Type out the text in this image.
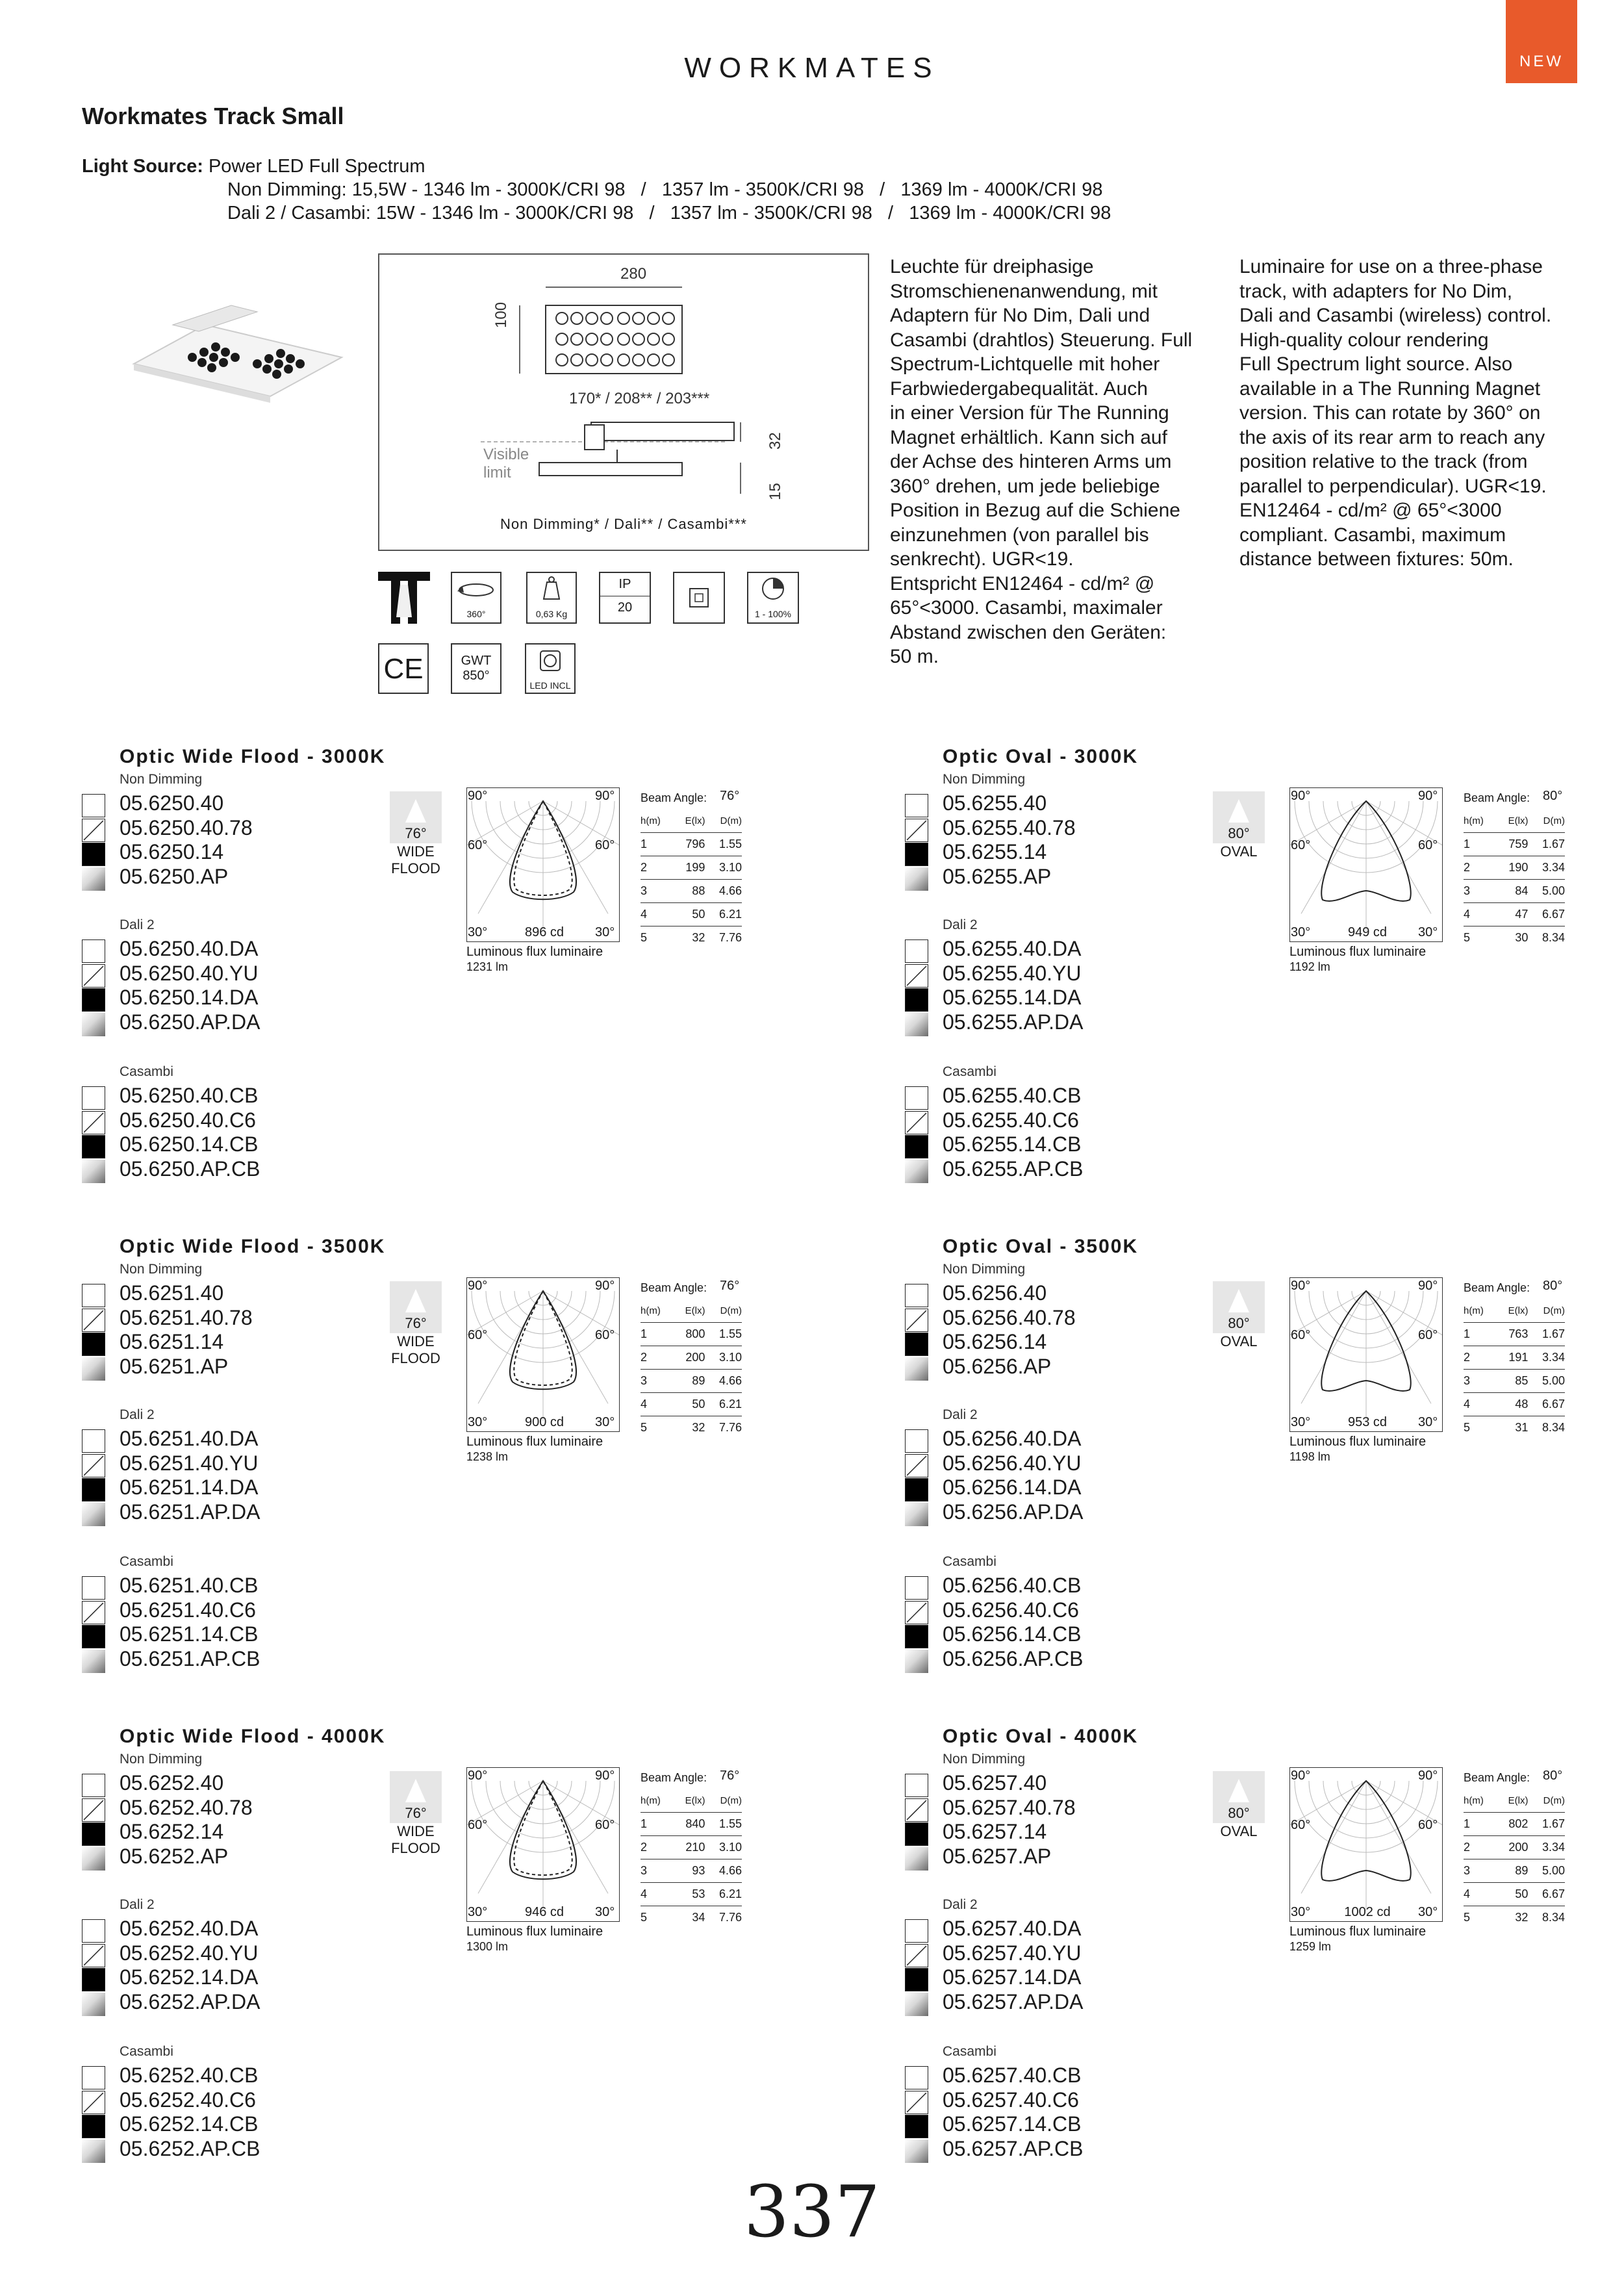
WORKMATES	NEW
Workmates Track Small
Light Source: Power LED Full Spectrum
Non Dimming: 15,5W - 1346 lm - 3000K/CRI 98   /   1357 lm - 3500K/CRI 98   /   1369 lm - 4000K/CRI 98
Dali 2 / Casambi: 15W - 1346 lm - 3000K/CRI 98   /   1357 lm - 3500K/CRI 98   /   1369 lm - 4000K/CRI 98
280
100
170* / 208** / 203***
32
15
Visible
limit
Non Dimming* / Dali** / Casambi***
360°	0,63 Kg
IP
20	1 - 100%
CE	GWT
850°
LED INCL
Leuchte für dreiphasige
Stromschienenanwendung, mit
Adaptern für No Dim, Dali und
Casambi (drahtlos) Steuerung. Full
Spectrum-Lichtquelle mit hoher
Farbwiedergabequalität. Auch
in einer Version für The Running
Magnet erhältlich. Kann sich auf
der Achse des hinteren Arms um
360° drehen, um jede beliebige
Position in Bezug auf die Schiene
einzunehmen (von parallel bis
senkrecht). UGR<19.
Entspricht EN12464 - cd/m² @
65°<3000. Casambi, maximaler
Abstand zwischen den Geräten:
50 m.
Luminaire for use on a three-phase
track, with adapters for No Dim,
Dali and Casambi (wireless) control.
High-quality colour rendering
Full Spectrum light source. Also
available in a The Running Magnet
version. This can rotate by 360° on
the axis of its rear arm to reach any
position relative to the track (from
parallel to perpendicular). UGR<19.
EN12464 - cd/m² @ 65°<3000
compliant. Casambi, maximum
distance between fixtures: 50m.
Optic Wide Flood - 3000K
Non Dimming
05.6250.40
05.6250.40.78
05.6250.14
05.6250.AP
Dali 2
05.6250.40.DA
05.6250.40.YU
05.6250.14.DA
05.6250.AP.DA
Casambi
05.6250.40.CB
05.6250.40.C6
05.6250.14.CB
05.6250.AP.CB
76°
WIDE
FLOOD
90°	90°
60°	60°
30°	30°
896 cd
Luminous flux luminaire
1231 lm
Beam Angle: 76°
h(m)	E(lx)	D(m)
1	796	1.55
2	199	3.10
3	88	4.66
4	50	6.21
5	32	7.76
Optic Oval - 3000K
Non Dimming
05.6255.40
05.6255.40.78
05.6255.14
05.6255.AP
Dali 2
05.6255.40.DA
05.6255.40.YU
05.6255.14.DA
05.6255.AP.DA
Casambi
05.6255.40.CB
05.6255.40.C6
05.6255.14.CB
05.6255.AP.CB
80°
OVAL
90°	90°
60°	60°
30°	30°
949 cd
Luminous flux luminaire
1192 lm
Beam Angle: 80°
h(m)	E(lx)	D(m)
1	759	1.67
2	190	3.34
3	84	5.00
4	47	6.67
5	30	8.34
Optic Wide Flood - 3500K
Non Dimming
05.6251.40
05.6251.40.78
05.6251.14
05.6251.AP
Dali 2
05.6251.40.DA
05.6251.40.YU
05.6251.14.DA
05.6251.AP.DA
Casambi
05.6251.40.CB
05.6251.40.C6
05.6251.14.CB
05.6251.AP.CB
76°
WIDE
FLOOD
90°	90°
60°	60°
30°	30°
900 cd
Luminous flux luminaire
1238 lm
Beam Angle: 76°
h(m)	E(lx)	D(m)
1	800	1.55
2	200	3.10
3	89	4.66
4	50	6.21
5	32	7.76
Optic Oval - 3500K
Non Dimming
05.6256.40
05.6256.40.78
05.6256.14
05.6256.AP
Dali 2
05.6256.40.DA
05.6256.40.YU
05.6256.14.DA
05.6256.AP.DA
Casambi
05.6256.40.CB
05.6256.40.C6
05.6256.14.CB
05.6256.AP.CB
80°
OVAL
90°	90°
60°	60°
30°	30°
953 cd
Luminous flux luminaire
1198 lm
Beam Angle: 80°
h(m)	E(lx)	D(m)
1	763	1.67
2	191	3.34
3	85	5.00
4	48	6.67
5	31	8.34
Optic Wide Flood - 4000K
Non Dimming
05.6252.40
05.6252.40.78
05.6252.14
05.6252.AP
Dali 2
05.6252.40.DA
05.6252.40.YU
05.6252.14.DA
05.6252.AP.DA
Casambi
05.6252.40.CB
05.6252.40.C6
05.6252.14.CB
05.6252.AP.CB
76°
WIDE
FLOOD
90°	90°
60°	60°
30°	30°
946 cd
Luminous flux luminaire
1300 lm
Beam Angle: 76°
h(m)	E(lx)	D(m)
1	840	1.55
2	210	3.10
3	93	4.66
4	53	6.21
5	34	7.76
Optic Oval - 4000K
Non Dimming
05.6257.40
05.6257.40.78
05.6257.14
05.6257.AP
Dali 2
05.6257.40.DA
05.6257.40.YU
05.6257.14.DA
05.6257.AP.DA
Casambi
05.6257.40.CB
05.6257.40.C6
05.6257.14.CB
05.6257.AP.CB
80°
OVAL
90°	90°
60°	60°
30°	30°
1002 cd
Luminous flux luminaire
1259 lm
Beam Angle: 80°
h(m)	E(lx)	D(m)
1	802	1.67
2	200	3.34
3	89	5.00
4	50	6.67
5	32	8.34
337
